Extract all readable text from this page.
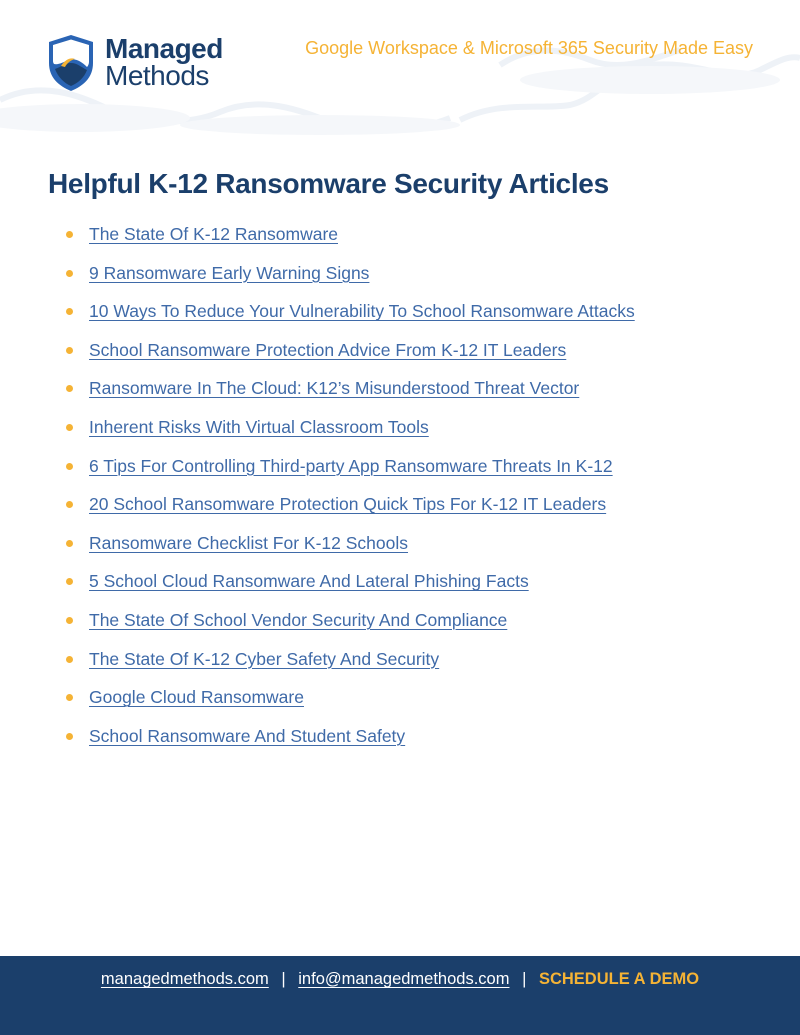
Managed
Methods
Google Workspace & Microsoft 365 Security Made Easy
Helpful K-12 Ransomware Security Articles
The State Of K-12 Ransomware
9 Ransomware Early Warning Signs
10 Ways To Reduce Your Vulnerability To School Ransomware Attacks
School Ransomware Protection Advice From K-12 IT Leaders
Ransomware In The Cloud: K12’s Misunderstood Threat Vector
Inherent Risks With Virtual Classroom Tools
6 Tips For Controlling Third-party App Ransomware Threats In K-12
20 School Ransomware Protection Quick Tips For K-12 IT Leaders
Ransomware Checklist For K-12 Schools
5 School Cloud Ransomware And Lateral Phishing Facts
The State Of School Vendor Security And Compliance
The State Of K-12 Cyber Safety And Security
Google Cloud Ransomware
School Ransomware And Student Safety
managedmethods.com | info@managedmethods.com | SCHEDULE A DEMO
